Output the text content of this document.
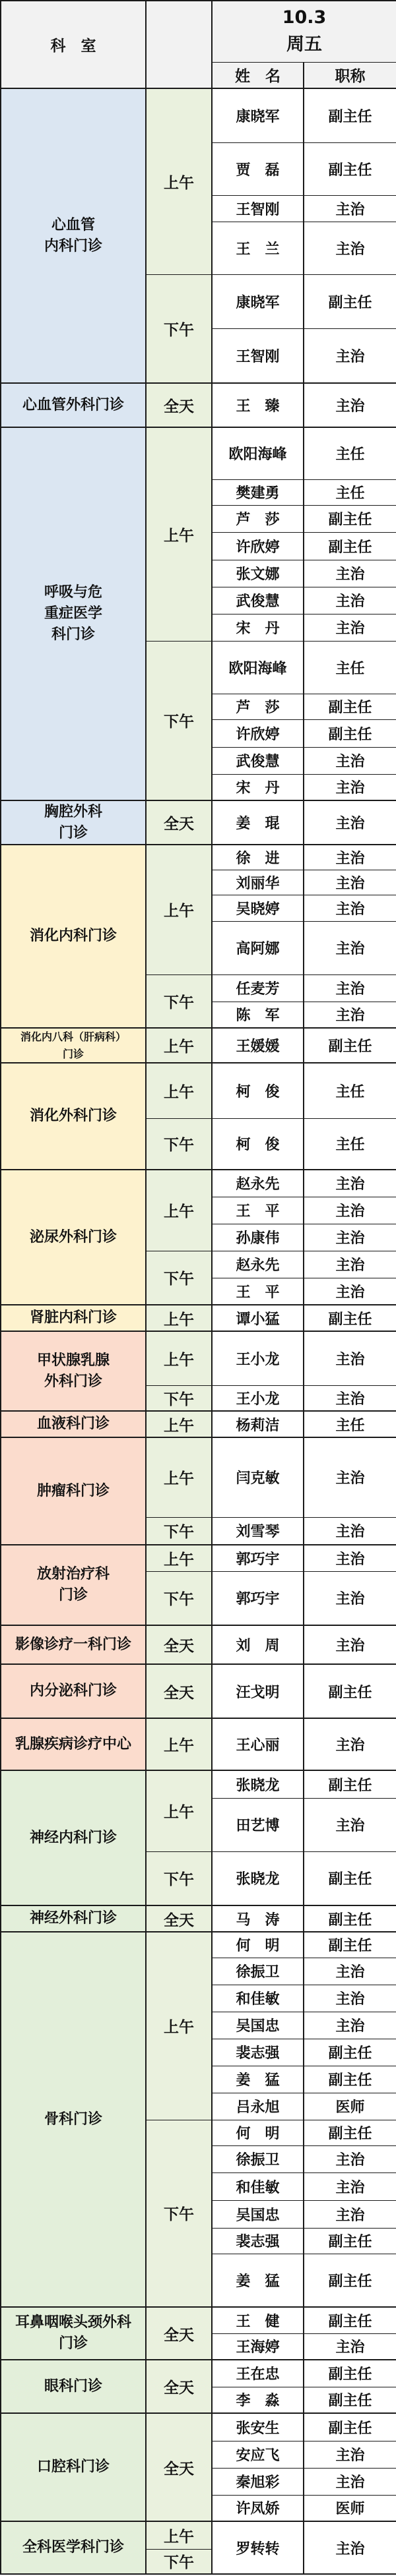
科　室		10.3
周五	
		姓　名	职称
心血管
内科门诊	上午	康晓军	副主任
		贾　磊	副主任
		王智刚	主治
		王　兰	主治
	下午	康晓军	副主任
		王智刚	主治
心血管外科门诊	全天	王　臻	主治
呼吸与危
重症医学
科门诊	上午	欧阳海峰	主任
		樊建勇	主任
		芦　莎	副主任
		许欣婷	副主任
		张文娜	主治
		武俊慧	主治
		宋　丹	主治
	下午	欧阳海峰	主任
		芦　莎	副主任
		许欣婷	副主任
		武俊慧	主治
		宋　丹	主治
胸腔外科
门诊	全天	姜　琨	主治
消化内科门诊	上午	徐　进	主治
		刘丽华	主治
		吴晓婷	主治
		高阿娜	主治
	下午	任麦芳	主治
		陈　军	主治
消化内八科（肝病科）
门诊	上午	王媛媛	副主任
消化外科门诊	上午	柯　俊	主任
	下午	柯　俊	主任
泌尿外科门诊	上午	赵永先	主治
		王　平	主治
		孙康伟	主治
	下午	赵永先	主治
		王　平	主治
肾脏内科门诊	上午	谭小猛	副主任
甲状腺乳腺
外科门诊	上午	王小龙	主治
	下午	王小龙	主治
血液科门诊	上午	杨莉洁	主任
肿瘤科门诊	上午	闫克敏	主治
	下午	刘雪琴	主治
放射治疗科
门诊	上午	郭巧宇	主治
	下午	郭巧宇	主治
影像诊疗一科门诊	全天	刘　周	主治
内分泌科门诊	全天	汪戈明	副主任
乳腺疾病诊疗中心	上午	王心丽	主治
神经内科门诊	上午	张晓龙	副主任
		田艺博	主治
	下午	张晓龙	副主任
神经外科门诊	全天	马　涛	副主任
骨科门诊	上午	何　明	副主任
		徐振卫	主治
		和佳敏	主治
		吴国忠	主治
		裴志强	副主任
		姜　猛	副主任
		吕永旭	医师
	下午	何　明	副主任
		徐振卫	主治
		和佳敏	主治
		吴国忠	主治
		裴志强	副主任
		姜　猛	副主任
耳鼻咽喉头颈外科
门诊	全天	王　健	副主任
		王海婷	主治
眼科门诊	全天	王在忠	副主任
		李　淼	副主任
口腔科门诊	全天	张安生	副主任
		安应飞	主治
		秦旭彩	主治
		许凤娇	医师
全科医学科门诊	上午	罗转转	主治
	下午		
